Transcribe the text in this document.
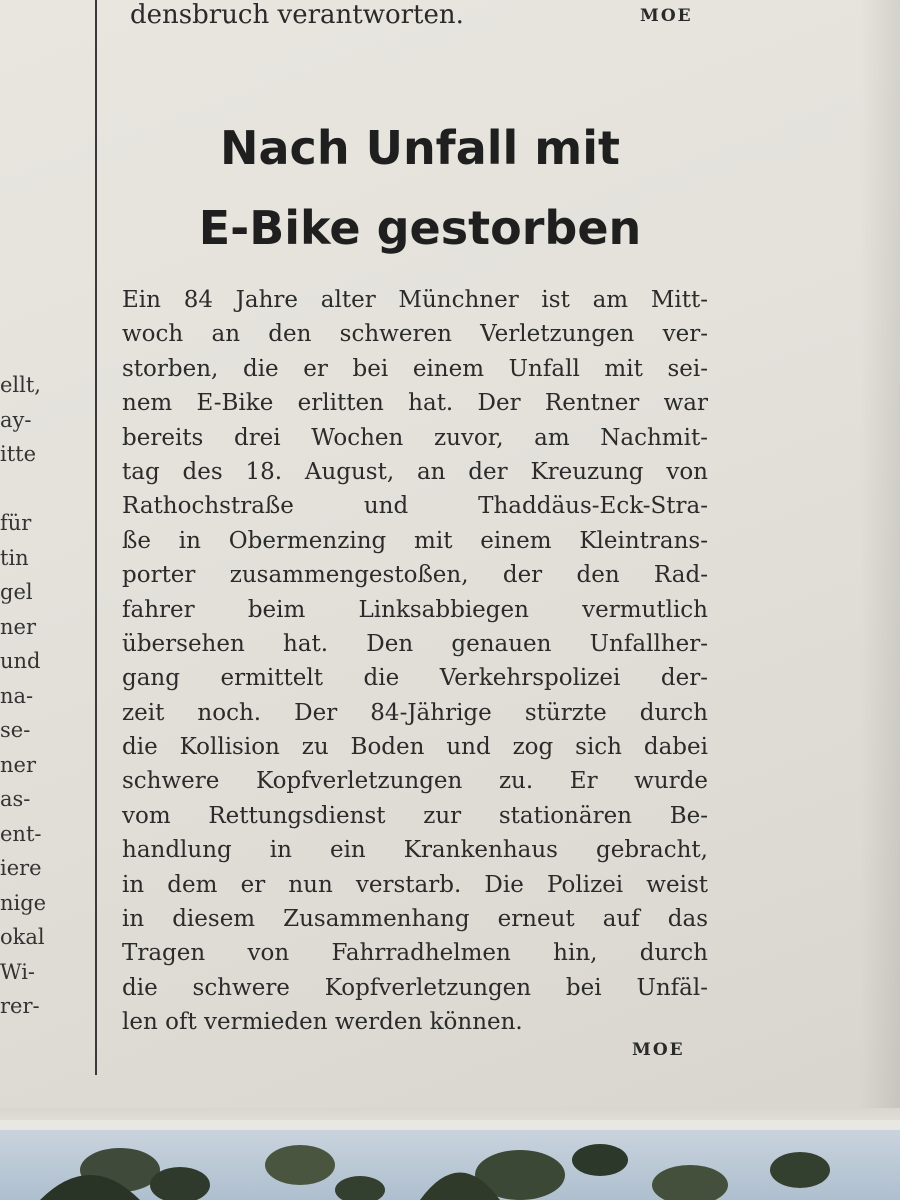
densbruch verantworten.	MOE
ellt,
ay-
itte
für
tin
gel
ner
und
na-
se-
ner
as-
ent-
iere
nige
okal
Wi-
rer-
Nach Unfall mit
E-Bike gestorben
Ein 84 Jahre alter Münchner ist am Mitt-
woch an den schweren Verletzungen ver-
storben, die er bei einem Unfall mit sei-
nem E-Bike erlitten hat. Der Rentner war
bereits drei Wochen zuvor, am Nachmit-
tag des 18. August, an der Kreuzung von
Rathochstraße und Thaddäus-Eck-Stra-
ße in Obermenzing mit einem Kleintrans-
porter zusammengestoßen, der den Rad-
fahrer beim Linksabbiegen vermutlich
übersehen hat. Den genauen Unfallher-
gang ermittelt die Verkehrspolizei der-
zeit noch. Der 84-Jährige stürzte durch
die Kollision zu Boden und zog sich dabei
schwere Kopfverletzungen zu. Er wurde
vom Rettungsdienst zur stationären Be-
handlung in ein Krankenhaus gebracht,
in dem er nun verstarb. Die Polizei weist
in diesem Zusammenhang erneut auf das
Tragen von Fahrradhelmen hin, durch
die schwere Kopfverletzungen bei Unfäl-
len oft vermieden werden können.
MOE
